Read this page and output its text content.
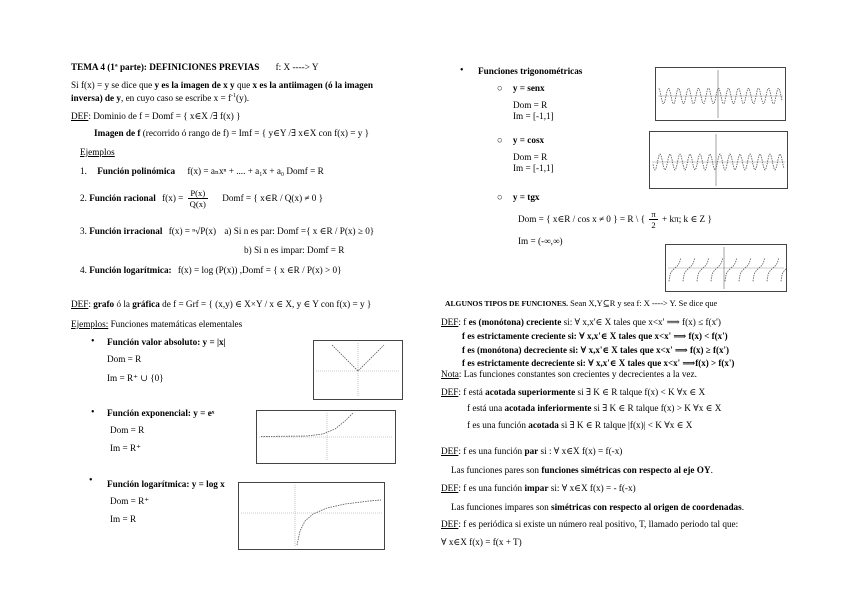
TEMA 4 (1ª parte): DEFINICIONES PREVIAS f: X ----> Y
Si f(x) = y se dice que y es la imagen de x y que x es la antiimagen (ó la imagen
inversa) de y, en cuyo caso se escribe $x = f^{-1}(y)$.
DEF: Dominio de f = Domf = { x∈X /∃ f(x) }
Imagen de f (recorrido ó rango de f) = Imf = { y∈Y /∃ x∈X con f(x) = y }
Ejemplos
1. Función polinómica f(x) = aₙxⁿ + .... + a₁x + a₀ Domf = R
2. Función racional $f(x) = \frac{P(x)}{Q(x)}$ Domf = { x∈R / Q(x) ≠ 0 }
3. Función irracional f(x) = ⁿ√P(x) a) Si n es par: Domf ={ x ∈R / P(x) ≥ 0}
b) Si n es impar: Domf = R
4. Función logarítmica: f(x) = log (P(x)) ,Domf = { x ∈R / P(x) > 0}
DEF: grafo ó la gráfica de f = Grf = { (x,y) ∈ X×Y / x ∈ X, y ∈ Y con f(x) = y }
Ejemplos: Funciones matemáticas elementales
• Función valor absoluto: y = |x|
Dom = R
Im = R⁺ ∪ {0}
• Función exponencial: y = eˣ
Dom = R
Im = R⁺
• Función logarítmica: y = log x
Dom = R⁺
Im = R
• Funciones trigonométricas
○ y = senx
Dom = R
Im = [-1,1]
○ y = cosx
Dom = R
Im = [-1,1]
○ y = tgx
Dom = { x∈R / cos x ≠ 0 } = R \ { $\frac{\pi}{2} + k\pi$; k ∈ Z }
Im = (-∞,∞)
ALGUNOS TIPOS DE FUNCIONES. Sean X,Y⊆R y sea f: X ----> Y. Se dice que
DEF: f es (monótona) creciente si: ∀ x,x'∈ X tales que x<x' ⟹ f(x) ≤ f(x')
f es estrictamente creciente si: ∀ x,x'∈ X tales que x<x' ⟹ f(x) < f(x')
f es (monótona) decreciente si: ∀ x,x'∈ X tales que x<x' ⟹ f(x) ≥ f(x')
f es estrictamente decreciente si: ∀ x,x'∈ X tales que x<x' ⟹f(x) > f(x')
Nota: Las funciones constantes son crecientes y decrecientes a la vez.
DEF: f está acotada superiormente si ∃ K ∈ R talque f(x) < K ∀x ∈ X
f está una acotada inferiormente si ∃ K ∈ R talque f(x) > K ∀x ∈ X
f es una función acotada si ∃ K ∈ R talque |f(x)| < K ∀x ∈ X
DEF: f es una función par si : ∀ x∈X f(x) = f(-x)
Las funciones pares son funciones simétricas con respecto al eje OY.
DEF: f es una función impar si: ∀ x∈X f(x) = - f(-x)
Las funciones impares son simétricas con respecto al origen de coordenadas.
DEF: f es periódica si existe un número real positivo, T, llamado periodo tal que:
∀ x∈X f(x) = f(x + T)
